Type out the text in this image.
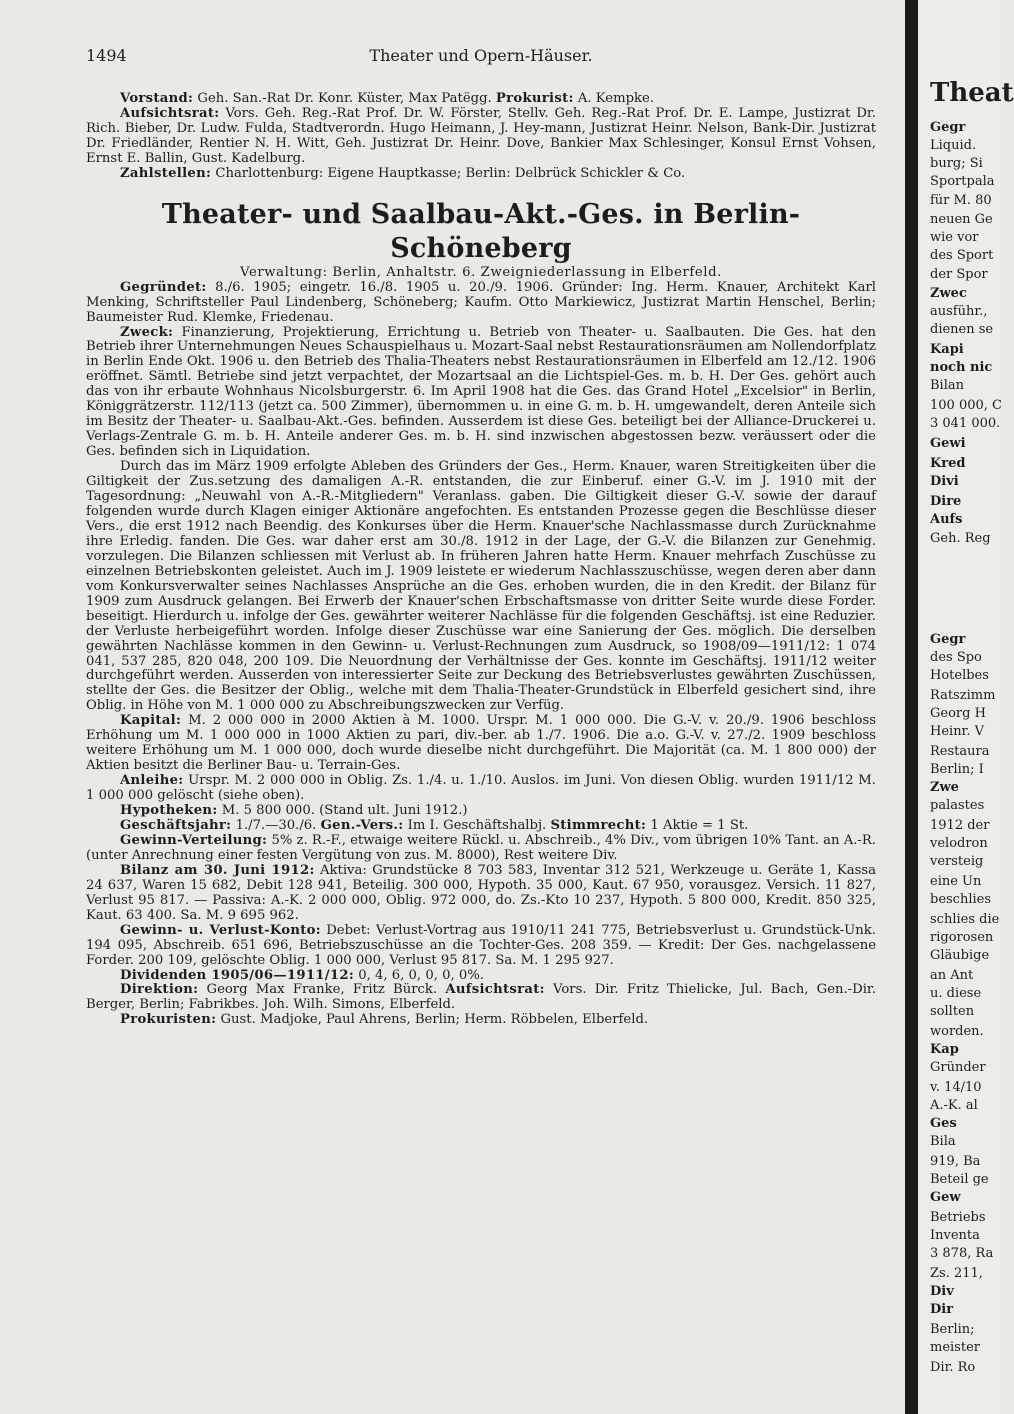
1494	Theater und Opern-Häuser.

Vorstand: Geh. San.-Rat Dr. Konr. Küster, Max Patëgg. Prokurist: A. Kempke.

Aufsichtsrat: Vors. Geh. Reg.-Rat Prof. Dr. W. Förster, Stellv. Geh. Reg.-Rat Prof. Dr. E. Lampe, Justizrat Dr. Rich. Bieber, Dr. Ludw. Fulda, Stadtverordn. Hugo Heimann, J. Hey-mann, Justizrat Heinr. Nelson, Bank-Dir. Justizrat Dr. Friedländer, Rentier N. H. Witt, Geh. Justizrat Dr. Heinr. Dove, Bankier Max Schlesinger, Konsul Ernst Vohsen, Ernst E. Ballin, Gust. Kadelburg.

Zahlstellen: Charlottenburg: Eigene Hauptkasse; Berlin: Delbrück Schickler & Co.

Theater- und Saalbau-Akt.-Ges. in Berlin-Schöneberg
Verwaltung: Berlin, Anhaltstr. 6. Zweigniederlassung in Elberfeld.

Gegründet: 8./6. 1905; eingetr. 16./8. 1905 u. 20./9. 1906. Gründer: Ing. Herm. Knauer, Architekt Karl Menking, Schriftsteller Paul Lindenberg, Schöneberg; Kaufm. Otto Markiewicz, Justizrat Martin Henschel, Berlin; Baumeister Rud. Klemke, Friedenau.

Zweck: Finanzierung, Projektierung, Errichtung u. Betrieb von Theater- u. Saalbauten. Die Ges. hat den Betrieb ihrer Unternehmungen Neues Schauspielhaus u. Mozart-Saal nebst Restaurationsräumen am Nollendorfplatz in Berlin Ende Okt. 1906 u. den Betrieb des Thalia-Theaters nebst Restaurationsräumen in Elberfeld am 12./12. 1906 eröffnet. Sämtl. Betriebe sind jetzt verpachtet, der Mozartsaal an die Lichtspiel-Ges. m. b. H. Der Ges. gehört auch das von ihr erbaute Wohnhaus Nicolsburgerstr. 6. Im April 1908 hat die Ges. das Grand Hotel „Excelsior" in Berlin, Königgrätzerstr. 112/113 (jetzt ca. 500 Zimmer), übernommen u. in eine G. m. b. H. umgewandelt, deren Anteile sich im Besitz der Theater- u. Saalbau-Akt.-Ges. befinden. Ausserdem ist diese Ges. beteiligt bei der Alliance-Druckerei u. Verlags-Zentrale G. m. b. H. Anteile anderer Ges. m. b. H. sind inzwischen abgestossen bezw. veräussert oder die Ges. befinden sich in Liquidation.

Durch das im März 1909 erfolgte Ableben des Gründers der Ges., Herm. Knauer, waren Streitigkeiten über die Giltigkeit der Zus.setzung des damaligen A.-R. entstanden, die zur Einberuf. einer G.-V. im J. 1910 mit der Tagesordnung: „Neuwahl von A.-R.-Mitgliedern" Veranlass. gaben. Die Giltigkeit dieser G.-V. sowie der darauf folgenden wurde durch Klagen einiger Aktionäre angefochten. Es entstanden Prozesse gegen die Beschlüsse dieser Vers., die erst 1912 nach Beendig. des Konkurses über die Herm. Knauer'sche Nachlassmasse durch Zurücknahme ihre Erledig. fanden. Die Ges. war daher erst am 30./8. 1912 in der Lage, der G.-V. die Bilanzen zur Genehmig. vorzulegen. Die Bilanzen schliessen mit Verlust ab. In früheren Jahren hatte Herm. Knauer mehrfach Zuschüsse zu einzelnen Betriebskonten geleistet. Auch im J. 1909 leistete er wiederum Nachlasszuschüsse, wegen deren aber dann vom Konkursverwalter seines Nachlasses Ansprüche an die Ges. erhoben wurden, die in den Kredit. der Bilanz für 1909 zum Ausdruck gelangen. Bei Erwerb der Knauer'schen Erbschaftsmasse von dritter Seite wurde diese Forder. beseitigt. Hierdurch u. infolge der Ges. gewährter weiterer Nachlässe für die folgenden Geschäftsj. ist eine Reduzier. der Verluste herbeigeführt worden. Infolge dieser Zuschüsse war eine Sanierung der Ges. möglich. Die derselben gewährten Nachlässe kommen in den Gewinn- u. Verlust-Rechnungen zum Ausdruck, so 1908/09—1911/12: 1 074 041, 537 285, 820 048, 200 109. Die Neuordnung der Verhältnisse der Ges. konnte im Geschäftsj. 1911/12 weiter durchgeführt werden. Ausserden von interessierter Seite zur Deckung des Betriebsverlustes gewährten Zuschüssen, stellte der Ges. die Besitzer der Oblig., welche mit dem Thalia-Theater-Grundstück in Elberfeld gesichert sind, ihre Oblig. in Höhe von M. 1 000 000 zu Abschreibungszwecken zur Verfüg.

Kapital: M. 2 000 000 in 2000 Aktien à M. 1000. Urspr. M. 1 000 000. Die G.-V. v. 20./9. 1906 beschloss Erhöhung um M. 1 000 000 in 1000 Aktien zu pari, div.-ber. ab 1./7. 1906. Die a.o. G.-V. v. 27./2. 1909 beschloss weitere Erhöhung um M. 1 000 000, doch wurde dieselbe nicht durchgeführt. Die Majorität (ca. M. 1 800 000) der Aktien besitzt die Berliner Bau- u. Terrain-Ges.

Anleihe: Urspr. M. 2 000 000 in Oblig. Zs. 1./4. u. 1./10. Auslos. im Juni. Von diesen Oblig. wurden 1911/12 M. 1 000 000 gelöscht (siehe oben).

Hypotheken: M. 5 800 000. (Stand ult. Juni 1912.)

Geschäftsjahr: 1./7.—30./6. Gen.-Vers.: Im I. Geschäftshalbj. Stimmrecht: 1 Aktie = 1 St.

Gewinn-Verteilung: 5% z. R.-F., etwaige weitere Rückl. u. Abschreib., 4% Div., vom übrigen 10% Tant. an A.-R. (unter Anrechnung einer festen Vergütung von zus. M. 8000), Rest weitere Div.

Bilanz am 30. Juni 1912: Aktiva: Grundstücke 8 703 583, Inventar 312 521, Werkzeuge u. Geräte 1, Kassa 24 637, Waren 15 682, Debit 128 941, Beteilig. 300 000, Hypoth. 35 000, Kaut. 67 950, vorausgez. Versich. 11 827, Verlust 95 817. — Passiva: A.-K. 2 000 000, Oblig. 972 000, do. Zs.-Kto 10 237, Hypoth. 5 800 000, Kredit. 850 325, Kaut. 63 400. Sa. M. 9 695 962.

Gewinn- u. Verlust-Konto: Debet: Verlust-Vortrag aus 1910/11 241 775, Betriebsverlust u. Grundstück-Unk. 194 095, Abschreib. 651 696, Betriebszuschüsse an die Tochter-Ges. 208 359. — Kredit: Der Ges. nachgelassene Forder. 200 109, gelöschte Oblig. 1 000 000, Verlust 95 817. Sa. M. 1 295 927.

Dividenden 1905/06—1911/12: 0, 4, 6, 0, 0, 0, 0%.

Direktion: Georg Max Franke, Fritz Bürck. Aufsichtsrat: Vors. Dir. Fritz Thielicke, Jul. Bach, Gen.-Dir. Berger, Berlin; Fabrikbes. Joh. Wilh. Simons, Elberfeld.

Prokuristen: Gust. Madjoke, Paul Ahrens, Berlin; Herm. Röbbelen, Elberfeld.

Theat
Gegr
Liquid.
burg; Si
Sportpala
für M. 80
neuen Ge
wie vor
des Sport
der Spor
Zwec
ausführ.,
dienen se
Kapi
noch nic
Bilan
100 000, C
3 041 000.
Gewi
Kred
Divi
Dire
Aufs
Geh. Reg
Gegr
des Spo
Hotelbes
Ratszimm
Georg H
Heinr. V
Restaura
Berlin; I
Zwe
palastes
1912 der
velodron
versteig
eine Un
beschlies
schlies die
rigorosen
Gläubige
an Ant
u. diese
sollten
worden.
Kap
Gründer
v. 14/10
A.-K. al
Ges
Bila
919, Ba
Beteil ge
Gew
Betriebs
Inventa
3 878, Ra
Zs. 211,
Div
Dir
Berlin;
meister
Dir. Ro
